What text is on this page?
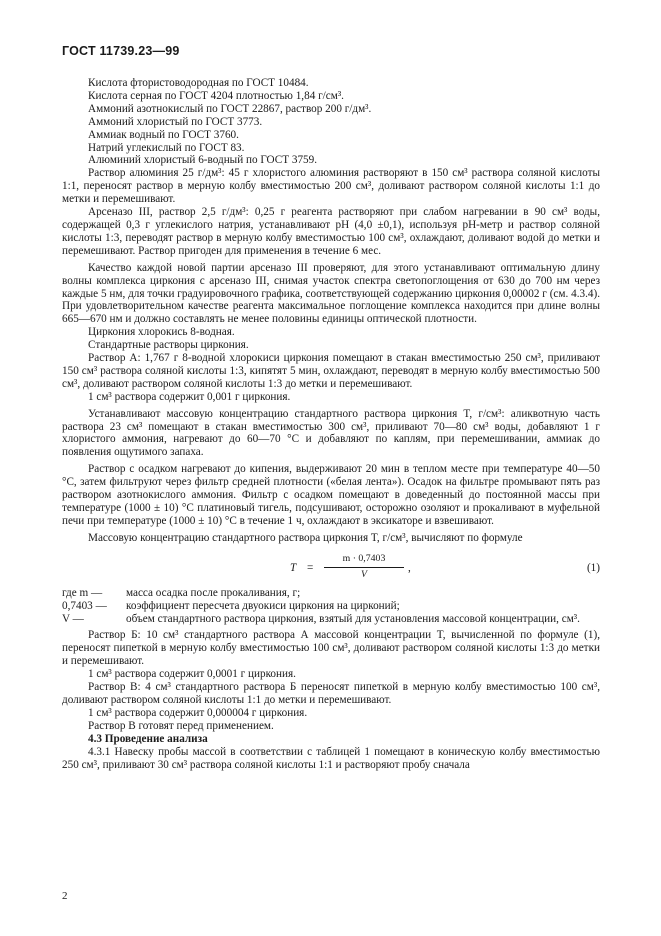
ГОСТ 11739.23—99

Кислота фтористоводородная по ГОСТ 10484.

Кислота серная по ГОСТ 4204 плотностью 1,84 г/см³.

Аммоний азотнокислый по ГОСТ 22867, раствор 200 г/дм³.

Аммоний хлористый по ГОСТ 3773.

Аммиак водный по ГОСТ 3760.

Натрий углекислый по ГОСТ 83.

Алюминий хлористый 6-водный по ГОСТ 3759.

Раствор алюминия 25 г/дм³: 45 г хлористого алюминия растворяют в 150 см³ раствора соляной кислоты 1:1, переносят раствор в мерную колбу вместимостью 200 см³, доливают раствором соляной кислоты 1:1 до метки и перемешивают.

Арсеназо III, раствор 2,5 г/дм³: 0,25 г реагента растворяют при слабом нагревании в 90 см³ воды, содержащей 0,3 г углекислого натрия, устанавливают pH (4,0 ±0,1), используя pH-метр и раствор соляной кислоты 1:3, переводят раствор в мерную колбу вместимостью 100 см³, охлаждают, доливают водой до метки и перемешивают. Раствор пригоден для применения в течение 6 мес.

Качество каждой новой партии арсеназо III проверяют, для этого устанавливают оптимальную длину волны комплекса циркония с арсеназо III, снимая участок спектра светопоглощения от 630 до 700 нм через каждые 5 нм, для точки градуировочного графика, соответствующей содержанию циркония 0,00002 г (см. 4.3.4). При удовлетворительном качестве реагента максимальное поглощение комплекса находится при длине волны 665—670 нм и должно составлять не менее половины единицы оптической плотности.

Циркония хлорокись 8-водная.

Стандартные растворы циркония.

Раствор А: 1,767 г 8-водной хлорокиси циркония помещают в стакан вместимостью 250 см³, приливают 150 см³ раствора соляной кислоты 1:3, кипятят 5 мин, охлаждают, переводят в мерную колбу вместимостью 500 см³, доливают раствором соляной кислоты 1:3 до метки и перемешивают.

1 см³ раствора содержит 0,001 г циркония.

Устанавливают массовую концентрацию стандартного раствора циркония T, г/см³: аликвотную часть раствора 23 см³ помещают в стакан вместимостью 300 см³, приливают 70—80 см³ воды, добавляют 1 г хлористого аммония, нагревают до 60—70 °С и добавляют по каплям, при перемешивании, аммиак до появления ощутимого запаха.

Раствор с осадком нагревают до кипения, выдерживают 20 мин в теплом месте при температуре 40—50 °С, затем фильтруют через фильтр средней плотности («белая лента»). Осадок на фильтре промывают пять раз раствором азотнокислого аммония. Фильтр с осадком помещают в доведенный до постоянной массы при температуре (1000 ± 10) °С платиновый тигель, подсушивают, осторожно озоляют и прокаливают в муфельной печи при температуре (1000 ± 10) °С в течение 1 ч, охлаждают в эксикаторе и взвешивают.

Массовую концентрацию стандартного раствора циркония T, г/см³, вычисляют по формуле

$T = \frac{m \cdot 0,7403}{V}$ ,	(1)
где m —	масса осадка после прокаливания, г;
0,7403 —	коэффициент пересчета двуокиси циркония на цирконий;
V —	объем стандартного раствора циркония, взятый для установления массовой концентрации, см³.

Раствор Б: 10 см³ стандартного раствора А массовой концентрации T, вычисленной по формуле (1), переносят пипеткой в мерную колбу вместимостью 100 см³, доливают раствором соляной кислоты 1:3 до метки и перемешивают.

1 см³ раствора содержит 0,0001 г циркония.

Раствор В: 4 см³ стандартного раствора Б переносят пипеткой в мерную колбу вместимостью 100 см³, доливают раствором соляной кислоты 1:1 до метки и перемешивают.

1 см³ раствора содержит 0,000004 г циркония.

Раствор В готовят перед применением.

4.3 Проведение анализа

4.3.1 Навеску пробы массой в соответствии с таблицей 1 помещают в коническую колбу вместимостью 250 см³, приливают 30 см³ раствора соляной кислоты 1:1 и растворяют пробу сначала

2
